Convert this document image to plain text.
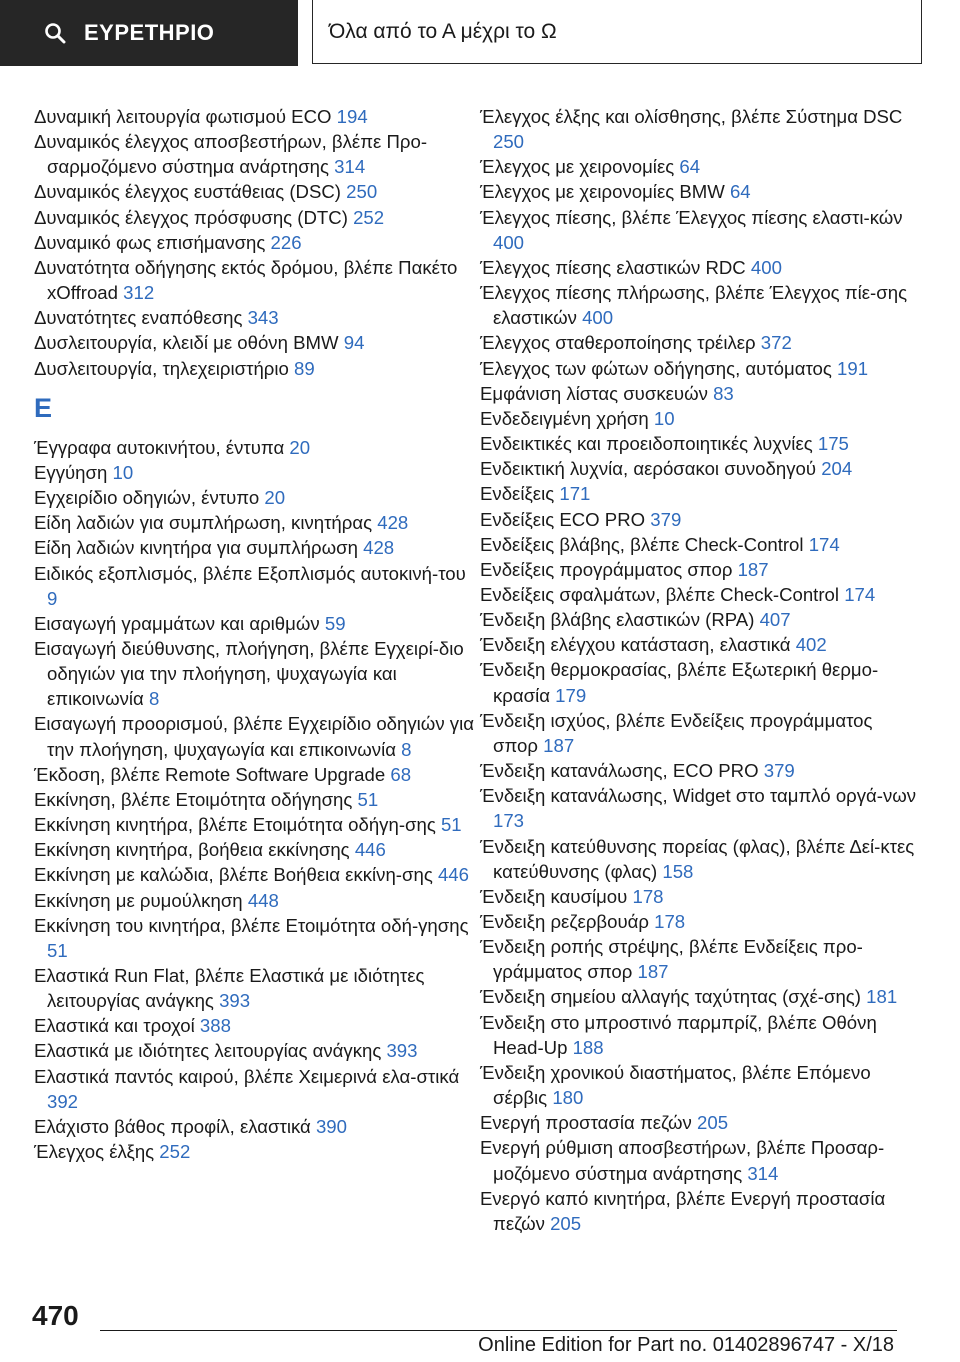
ΕΥΡΕΤΗΡΙΟ	Όλα από το Α μέχρι το Ω

Δυναμική λειτουργία φωτισμού ECO 194

Δυναμικός έλεγχος αποσβεστήρων, βλέπε Προ-σαρμοζόμενο σύστημα ανάρτησης 314

Δυναμικός έλεγχος ευστάθειας (DSC) 250

Δυναμικός έλεγχος πρόσφυσης (DTC) 252

Δυναμικό φως επισήμανσης 226

Δυνατότητα οδήγησης εκτός δρόμου, βλέπε Πακέτο xOffroad 312

Δυνατότητες εναπόθεσης 343

Δυσλειτουργία, κλειδί με οθόνη BMW 94

Δυσλειτουργία, τηλεχειριστήριο 89

Ε

Έγγραφα αυτοκινήτου, έντυπα 20

Εγγύηση 10

Εγχειρίδιο οδηγιών, έντυπο 20

Είδη λαδιών για συμπλήρωση, κινητήρας 428

Είδη λαδιών κινητήρα για συμπλήρωση 428

Ειδικός εξοπλισμός, βλέπε Εξοπλισμός αυτοκινή-του 9

Εισαγωγή γραμμάτων και αριθμών 59

Εισαγωγή διεύθυνσης, πλοήγηση, βλέπε Εγχειρί-διο οδηγιών για την πλοήγηση, ψυχαγωγία και επικοινωνία 8

Εισαγωγή προορισμού, βλέπε Εγχειρίδιο οδηγιών για την πλοήγηση, ψυχαγωγία και επικοινωνία 8

Έκδοση, βλέπε Remote Software Upgrade 68

Εκκίνηση, βλέπε Ετοιμότητα οδήγησης 51

Εκκίνηση κινητήρα, βλέπε Ετοιμότητα οδήγη-σης 51

Εκκίνηση κινητήρα, βοήθεια εκκίνησης 446

Εκκίνηση με καλώδια, βλέπε Βοήθεια εκκίνη-σης 446

Εκκίνηση με ρυμούλκηση 448

Εκκίνηση του κινητήρα, βλέπε Ετοιμότητα οδή-γησης 51

Ελαστικά Run Flat, βλέπε Ελαστικά με ιδιότητες λειτουργίας ανάγκης 393

Ελαστικά και τροχοί 388

Ελαστικά με ιδιότητες λειτουργίας ανάγκης 393

Ελαστικά παντός καιρού, βλέπε Χειμερινά ελα-στικά 392

Ελάχιστο βάθος προφίλ, ελαστικά 390

Έλεγχος έλξης 252

Έλεγχος έλξης και ολίσθησης, βλέπε Σύστημα DSC 250

Έλεγχος με χειρονομίες 64

Έλεγχος με χειρονομίες BMW 64

Έλεγχος πίεσης, βλέπε Έλεγχος πίεσης ελαστι-κών 400

Έλεγχος πίεσης ελαστικών RDC 400

Έλεγχος πίεσης πλήρωσης, βλέπε Έλεγχος πίε-σης ελαστικών 400

Έλεγχος σταθεροποίησης τρέιλερ 372

Έλεγχος των φώτων οδήγησης, αυτόματος 191

Εμφάνιση λίστας συσκευών 83

Ενδεδειγμένη χρήση 10

Ενδεικτικές και προειδοποιητικές λυχνίες 175

Ενδεικτική λυχνία, αερόσακοι συνοδηγού 204

Ενδείξεις 171

Ενδείξεις ECO PRO 379

Ενδείξεις βλάβης, βλέπε Check-Control 174

Ενδείξεις προγράμματος σπορ 187

Ενδείξεις σφαλμάτων, βλέπε Check-Control 174

Ένδειξη βλάβης ελαστικών (RPA) 407

Ένδειξη ελέγχου κατάσταση, ελαστικά 402

Ένδειξη θερμοκρασίας, βλέπε Εξωτερική θερμο-κρασία 179

Ένδειξη ισχύος, βλέπε Ενδείξεις προγράμματος σπορ 187

Ένδειξη κατανάλωσης, ECO PRO 379

Ένδειξη κατανάλωσης, Widget στο ταμπλό οργά-νων 173

Ένδειξη κατεύθυνσης πορείας (φλας), βλέπε Δεί-κτες κατεύθυνσης (φλας) 158

Ένδειξη καυσίμου 178

Ένδειξη ρεζερβουάρ 178

Ένδειξη ροπής στρέψης, βλέπε Ενδείξεις προ-γράμματος σπορ 187

Ένδειξη σημείου αλλαγής ταχύτητας (σχέ-σης) 181

Ένδειξη στο μπροστινό παρμπρίζ, βλέπε Οθόνη Head-Up 188

Ένδειξη χρονικού διαστήματος, βλέπε Επόμενο σέρβις 180

Ενεργή προστασία πεζών 205

Ενεργή ρύθμιση αποσβεστήρων, βλέπε Προσαρ-μοζόμενο σύστημα ανάρτησης 314

Ενεργό καπό κινητήρα, βλέπε Ενεργή προστασία πεζών 205

470
Online Edition for Part no. 01402896747 - X/18
